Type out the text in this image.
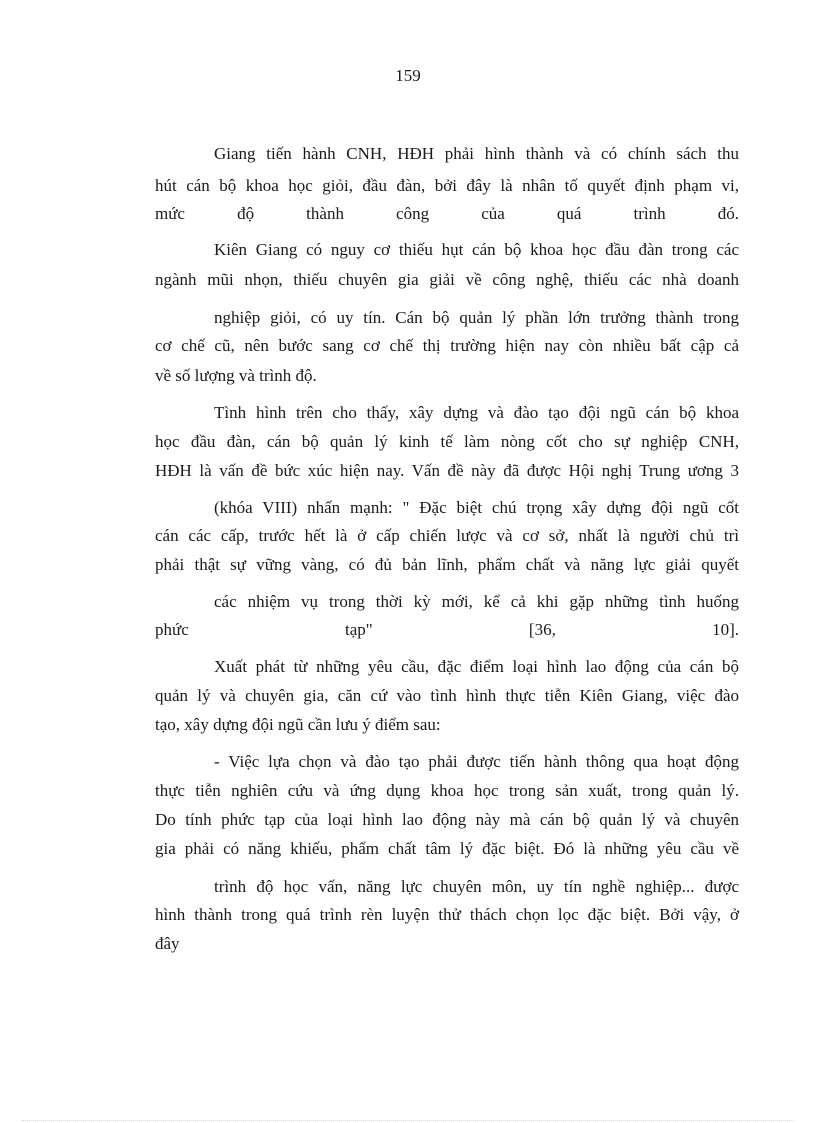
159
Giang tiến hành CNH, HĐH phải hình thành và có chính sách thu
hút cán bộ khoa học giỏi, đầu đàn, bởi đây là nhân tố quyết định phạm vi,
mức độ thành công của quá trình đó.
Kiên Giang có nguy cơ thiếu hụt cán bộ khoa học đầu đàn trong các
ngành mũi nhọn, thiếu chuyên gia giải về công nghệ, thiếu các nhà doanh
nghiệp giỏi, có uy tín. Cán bộ quản lý phần lớn trưởng thành trong
cơ chế cũ, nên bước sang cơ chế thị trường hiện nay còn nhiều bất cập cả
về số lượng và trình độ.
Tình hình trên cho thấy, xây dựng và đào tạo đội ngũ cán bộ khoa
học đầu đàn, cán bộ quản lý kinh tế làm nòng cốt cho sự nghiệp CNH,
HĐH là vấn đề bức xúc hiện nay. Vấn đề này đã được Hội nghị Trung ương 3
(khóa VIII) nhấn mạnh: " Đặc biệt chú trọng xây dựng đội ngũ cốt
cán các cấp, trước hết là ở cấp chiến lược và cơ sở, nhất là người chủ trì
phải thật sự vững vàng, có đủ bản lĩnh, phẩm chất và năng lực giải quyết
các nhiệm vụ trong thời kỳ mới, kể cả khi gặp những tình huống
phức tạp" [36, 10].
Xuất phát từ những yêu cầu, đặc điểm loại hình lao động của cán bộ
quản lý và chuyên gia, căn cứ vào tình hình thực tiễn Kiên Giang, việc đào
tạo, xây dựng đội ngũ cần lưu ý điểm sau:
- Việc lựa chọn và đào tạo phải được tiến hành thông qua hoạt động
thực tiễn nghiên cứu và ứng dụng khoa học trong sản xuất, trong quản lý.
Do tính phức tạp của loại hình lao động này mà cán bộ quản lý và chuyên
gia phải có năng khiếu, phẩm chất tâm lý đặc biệt. Đó là những yêu cầu về
trình độ học vấn, năng lực chuyên môn, uy tín nghề nghiệp... được
hình thành trong quá trình rèn luyện thử thách chọn lọc đặc biệt. Bởi vậy, ở
đây
